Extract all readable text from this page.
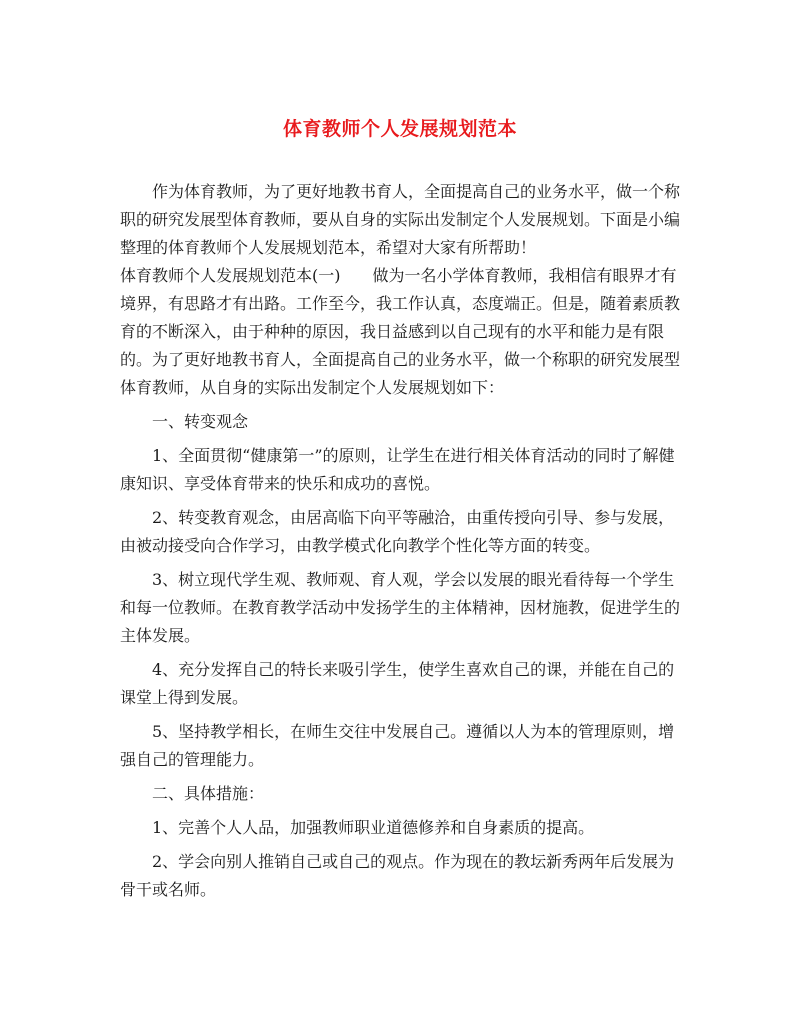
体育教师个人发展规划范本

作为体育教师，为了更好地教书育人，全面提高自己的业务水平，做一个称职的研究发展型体育教师，要从自身的实际出发制定个人发展规划。下面是小编整理的体育教师个人发展规划范本，希望对大家有所帮助！

体育教师个人发展规划范本(一)　　做为一名小学体育教师，我相信有眼界才有境界，有思路才有出路。工作至今，我工作认真，态度端正。但是，随着素质教育的不断深入，由于种种的原因，我日益感到以自己现有的水平和能力是有限的。为了更好地教书育人，全面提高自己的业务水平，做一个称职的研究发展型体育教师，从自身的实际出发制定个人发展规划如下：

一、转变观念

1、全面贯彻“健康第一”的原则，让学生在进行相关体育活动的同时了解健康知识、享受体育带来的快乐和成功的喜悦。

2、转变教育观念，由居高临下向平等融洽，由重传授向引导、参与发展，由被动接受向合作学习，由教学模式化向教学个性化等方面的转变。

3、树立现代学生观、教师观、育人观，学会以发展的眼光看待每一个学生和每一位教师。在教育教学活动中发扬学生的主体精神，因材施教，促进学生的主体发展。

4、充分发挥自己的特长来吸引学生，使学生喜欢自己的课，并能在自己的课堂上得到发展。

5、坚持教学相长，在师生交往中发展自己。遵循以人为本的管理原则，增强自己的管理能力。

二、具体措施：

1、完善个人人品，加强教师职业道德修养和自身素质的提高。

2、学会向别人推销自己或自己的观点。作为现在的教坛新秀两年后发展为骨干或名师。
